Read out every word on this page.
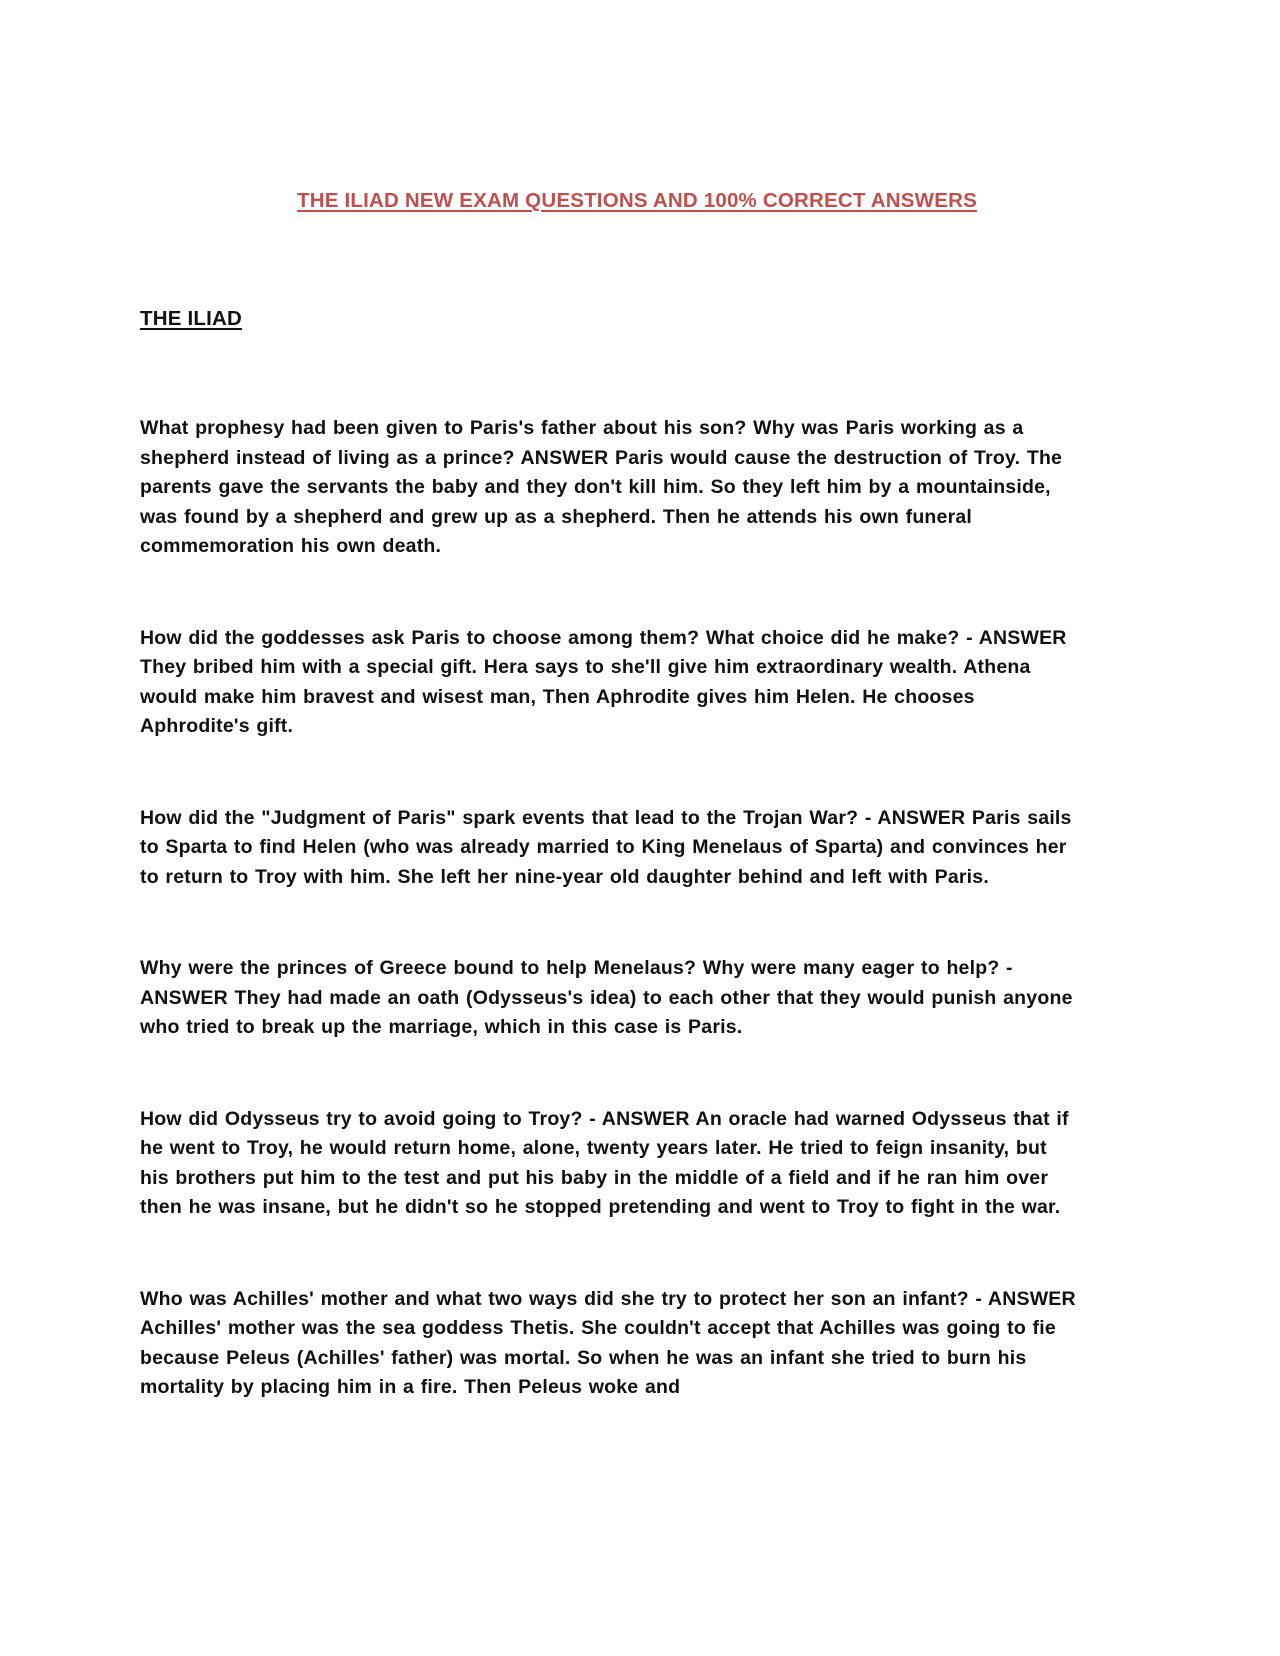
THE ILIAD NEW EXAM QUESTIONS AND 100% CORRECT ANSWERS
THE ILIAD

What prophesy had been given to Paris's father about his son? Why was Paris working as a shepherd instead of living as a prince? ANSWER Paris would cause the destruction of Troy. The parents gave the servants the baby and they don't kill him. So they left him by a mountainside, was found by a shepherd and grew up as a shepherd. Then he attends his own funeral commemoration his own death.

How did the goddesses ask Paris to choose among them? What choice did he make? - ANSWER They bribed him with a special gift. Hera says to she'll give him extraordinary wealth. Athena would make him bravest and wisest man, Then Aphrodite gives him Helen. He chooses Aphrodite's gift.

How did the "Judgment of Paris" spark events that lead to the Trojan War? - ANSWER Paris sails to Sparta to find Helen (who was already married to King Menelaus of Sparta) and convinces her to return to Troy with him. She left her nine-year old daughter behind and left with Paris.

Why were the princes of Greece bound to help Menelaus? Why were many eager to help? - ANSWER They had made an oath (Odysseus's idea) to each other that they would punish anyone who tried to break up the marriage, which in this case is Paris.

How did Odysseus try to avoid going to Troy? - ANSWER An oracle had warned Odysseus that if he went to Troy, he would return home, alone, twenty years later. He tried to feign insanity, but his brothers put him to the test and put his baby in the middle of a field and if he ran him over then he was insane, but he didn't so he stopped pretending and went to Troy to fight in the war.

Who was Achilles' mother and what two ways did she try to protect her son an infant? - ANSWER Achilles' mother was the sea goddess Thetis. She couldn't accept that Achilles was going to fie because Peleus (Achilles' father) was mortal. So when he was an infant she tried to burn his mortality by placing him in a fire. Then Peleus woke and
